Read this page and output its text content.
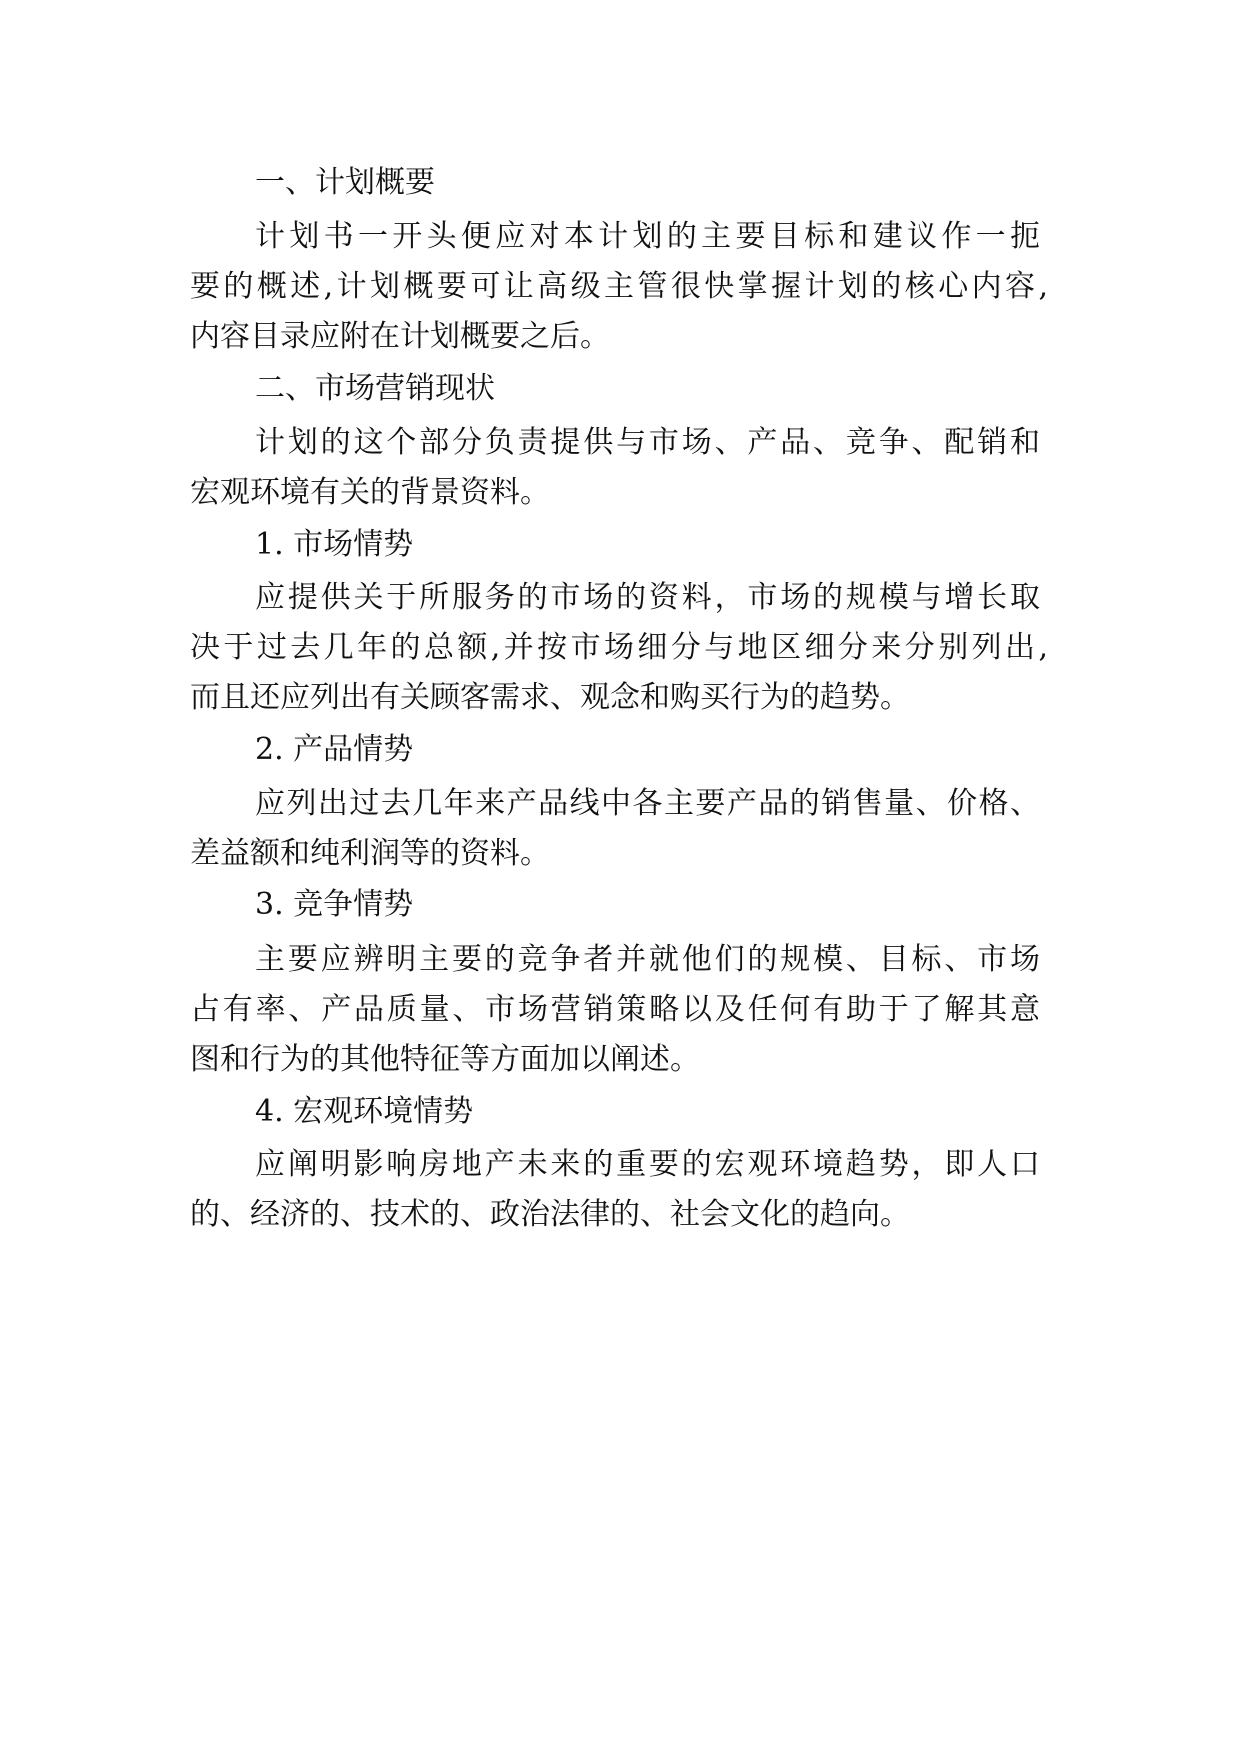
一、计划概要

计划书一开头便应对本计划的主要目标和建议作一扼

要的概述,计划概要可让高级主管很快掌握计划的核心内容,

内容目录应附在计划概要之后。

二、市场营销现状

计划的这个部分负责提供与市场、产品、竞争、配销和

宏观环境有关的背景资料。

1. 市场情势

应提供关于所服务的市场的资料，市场的规模与增长取

决于过去几年的总额,并按市场细分与地区细分来分别列出,

而且还应列出有关顾客需求、观念和购买行为的趋势。

2. 产品情势

应列出过去几年来产品线中各主要产品的销售量、价格、

差益额和纯利润等的资料。

3. 竞争情势

主要应辨明主要的竞争者并就他们的规模、目标、市场

占有率、产品质量、市场营销策略以及任何有助于了解其意

图和行为的其他特征等方面加以阐述。

4. 宏观环境情势

应阐明影响房地产未来的重要的宏观环境趋势，即人口

的、经济的、技术的、政治法律的、社会文化的趋向。
